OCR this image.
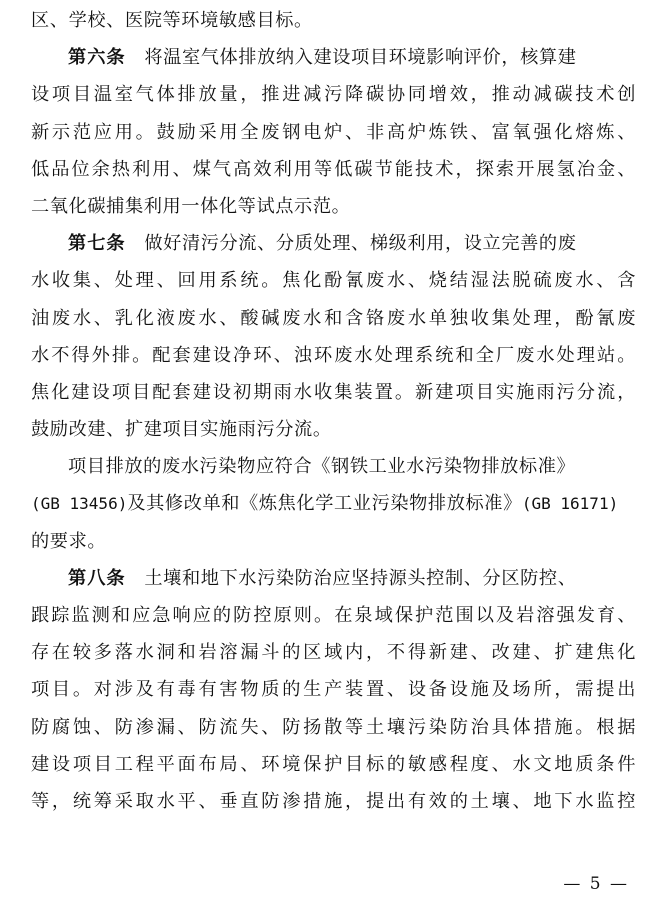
区、学校、医院等环境敏感目标。
第六条　将温室气体排放纳入建设项目环境影响评价，核算建
设项目温室气体排放量，推进减污降碳协同增效，推动减碳技术创
新示范应用。鼓励采用全废钢电炉、非高炉炼铁、富氧强化熔炼、
低品位余热利用、煤气高效利用等低碳节能技术，探索开展氢冶金、
二氧化碳捕集利用一体化等试点示范。
第七条　做好清污分流、分质处理、梯级利用，设立完善的废
水收集、处理、回用系统。焦化酚氰废水、烧结湿法脱硫废水、含
油废水、乳化液废水、酸碱废水和含铬废水单独收集处理，酚氰废
水不得外排。配套建设净环、浊环废水处理系统和全厂废水处理站。
焦化建设项目配套建设初期雨水收集装置。新建项目实施雨污分流，
鼓励改建、扩建项目实施雨污分流。
项目排放的废水污染物应符合《钢铁工业水污染物排放标准》
(GB 13456)及其修改单和《炼焦化学工业污染物排放标准》(GB 16171)
的要求。
第八条　土壤和地下水污染防治应坚持源头控制、分区防控、
跟踪监测和应急响应的防控原则。在泉域保护范围以及岩溶强发育、
存在较多落水洞和岩溶漏斗的区域内，不得新建、改建、扩建焦化
项目。对涉及有毒有害物质的生产装置、设备设施及场所，需提出
防腐蚀、防渗漏、防流失、防扬散等土壤污染防治具体措施。根据
建设项目工程平面布局、环境保护目标的敏感程度、水文地质条件
等，统筹采取水平、垂直防渗措施，提出有效的土壤、地下水监控
— 5 —
